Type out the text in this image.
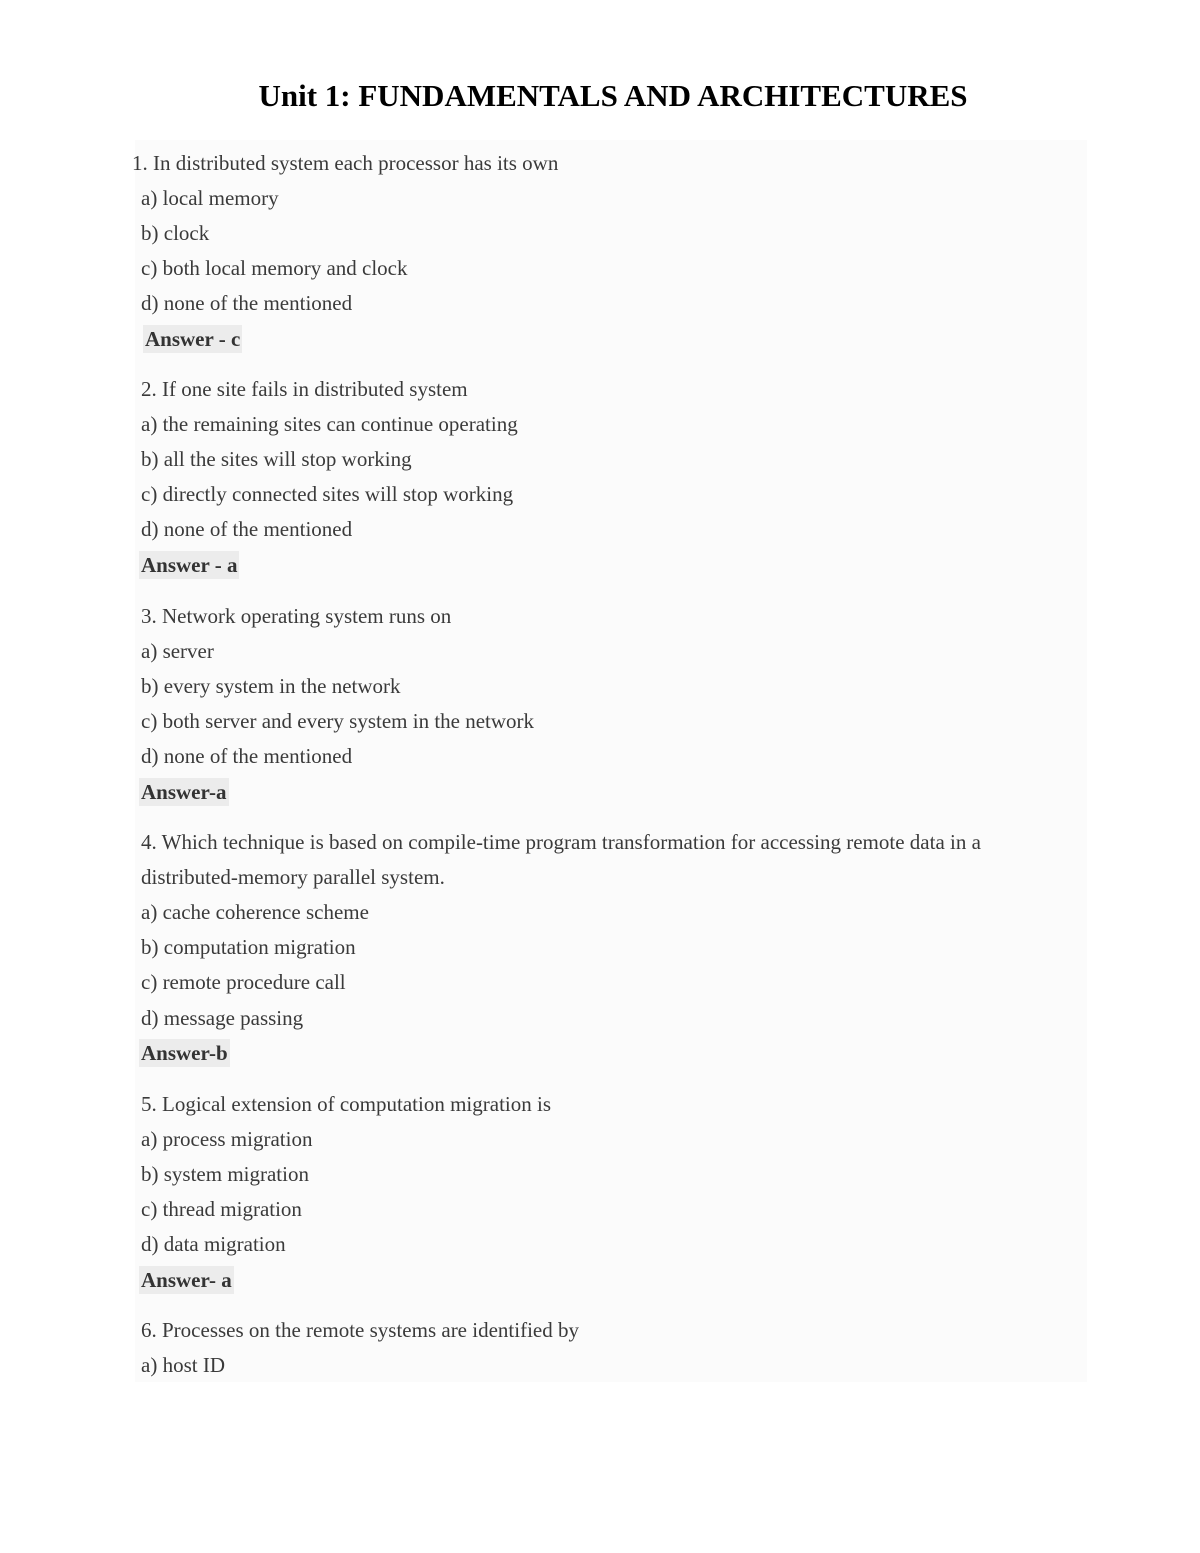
Unit 1: FUNDAMENTALS AND ARCHITECTURES
1. In distributed system each processor has its own
a) local memory
b) clock
c) both local memory and clock
d) none of the mentioned
Answer - c
2. If one site fails in distributed system
a) the remaining sites can continue operating
b) all the sites will stop working
c) directly connected sites will stop working
d) none of the mentioned
Answer - a
3. Network operating system runs on
a) server
b) every system in the network
c) both server and every system in the network
d) none of the mentioned
Answer-a
4. Which technique is based on compile-time program transformation for accessing remote data in a
distributed-memory parallel system.
a) cache coherence scheme
b) computation migration
c) remote procedure call
d) message passing
Answer-b
5. Logical extension of computation migration is
a) process migration
b) system migration
c) thread migration
d) data migration
Answer- a
6. Processes on the remote systems are identified by
a) host ID
